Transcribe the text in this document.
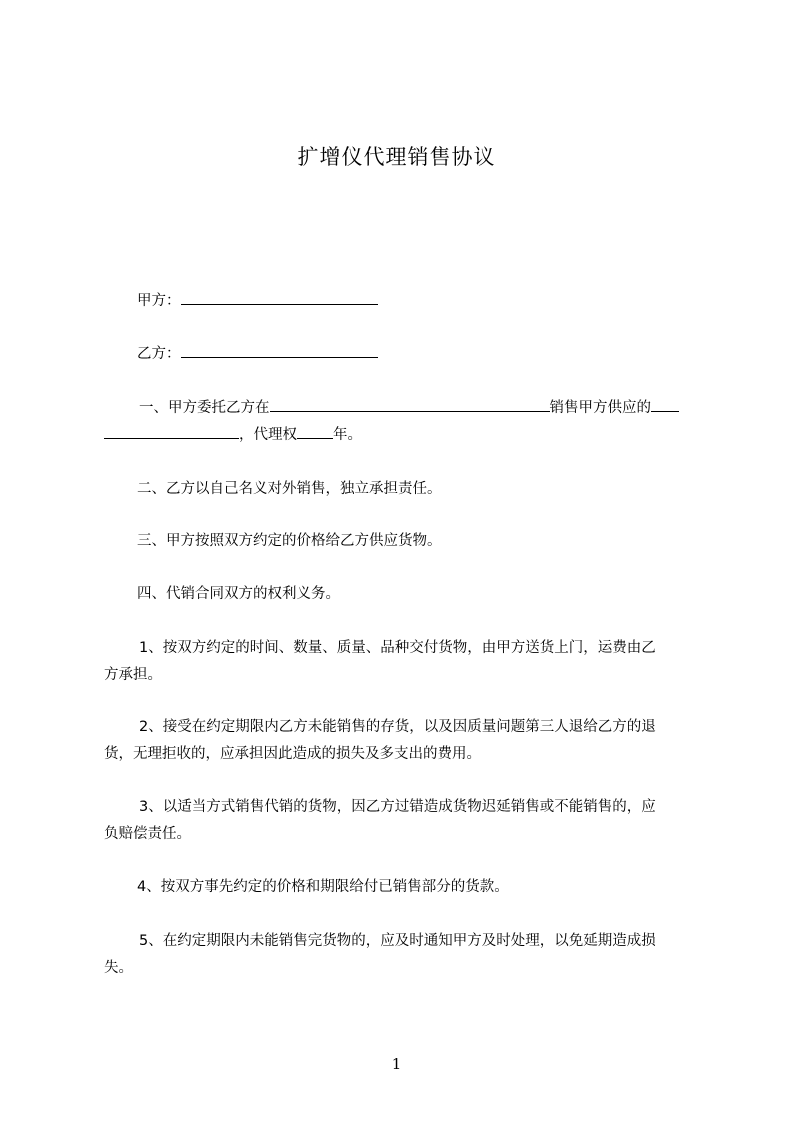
扩增仪代理销售协议
甲方：
乙方：
一、甲方委托乙方在	销售甲方供应的
，代理权 年。
二、乙方以自己名义对外销售，独立承担责任。
三、甲方按照双方约定的价格给乙方供应货物。
四、代销合同双方的权利义务。
1、按双方约定的时间、数量、质量、品种交付货物，由甲方送货上门，运费由乙
方承担。
2、接受在约定期限内乙方未能销售的存货，以及因质量问题第三人退给乙方的退
货，无理拒收的，应承担因此造成的损失及多支出的费用。
3、以适当方式销售代销的货物，因乙方过错造成货物迟延销售或不能销售的，应
负赔偿责任。
4、按双方事先约定的价格和期限给付已销售部分的货款。
5、在约定期限内未能销售完货物的，应及时通知甲方及时处理，以免延期造成损
失。
1
